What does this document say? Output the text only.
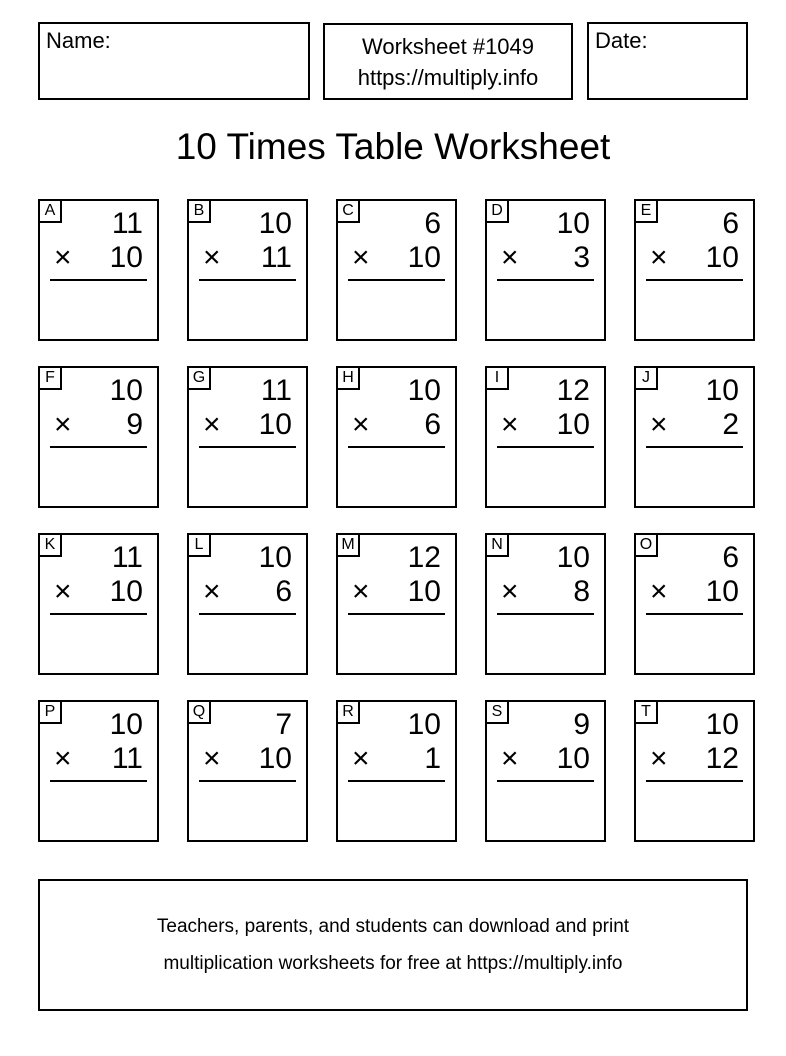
Name:	Worksheet #1049
https://multiply.info
Date:
10 Times Table Worksheet
A	11
× 10
B	10
× 11
C	6
× 10
D	10
× 3
E	6
× 10
F	10
× 9
G	11
× 10
H	10
× 6
I	12
× 10
J	10
× 2
K	11
× 10
L	10
× 6
M	12
× 10
N	10
× 8
O	6
× 10
P	10
× 11
Q	7
× 10
R	10
× 1
S	9
× 10
T	10
× 12
Teachers, parents, and students can download and print
multiplication worksheets for free at https://multiply.info
